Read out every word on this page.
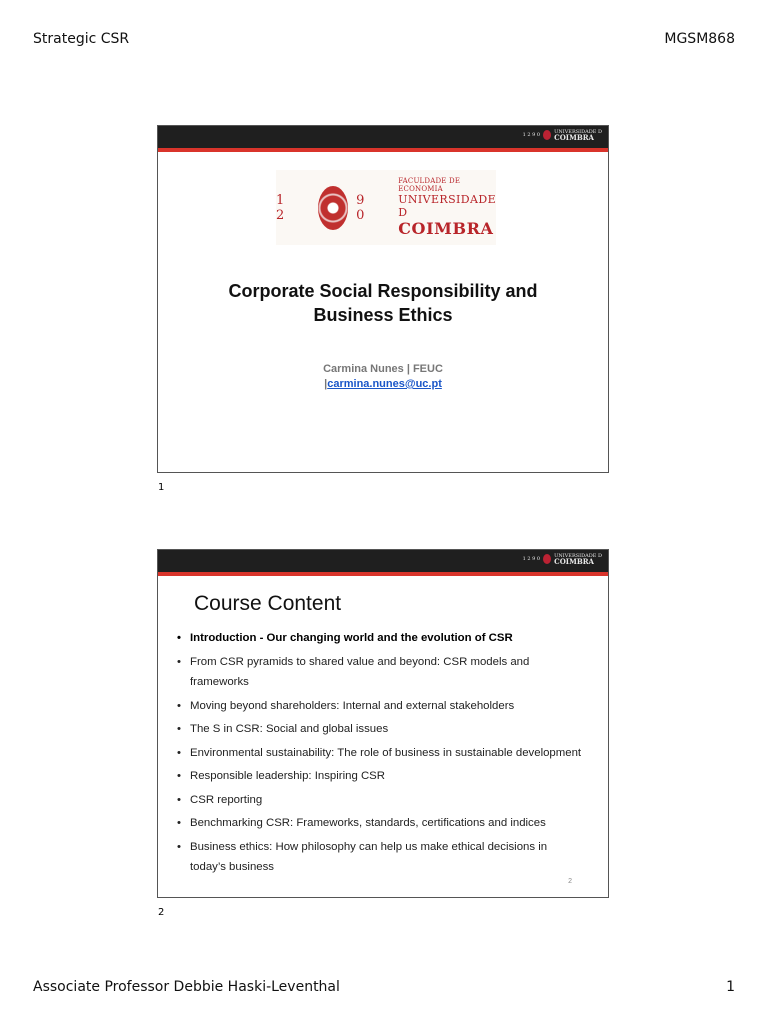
Strategic CSR	MGSM868
1 2 9 0	UNIVERSIDADE D
COIMBRA
1 2
9 0
FACULDADE DE ECONOMIA
UNIVERSIDADE D
COIMBRA
Corporate Social Responsibility and
Business Ethics
Carmina Nunes | FEUC
|carmina.nunes@uc.pt
1
1 2 9 0	UNIVERSIDADE D
COIMBRA
Course Content
• Introduction - Our changing world and the evolution of CSR
• From CSR pyramids to shared value and beyond: CSR models and frameworks
• Moving beyond shareholders: Internal and external stakeholders
• The S in CSR: Social and global issues
• Environmental sustainability: The role of business in sustainable development
• Responsible leadership: Inspiring CSR
• CSR reporting
• Benchmarking CSR: Frameworks, standards, certifications and indices
• Business ethics: How philosophy can help us make ethical decisions in today’s business
2
2
Associate Professor Debbie Haski-Leventhal	1
